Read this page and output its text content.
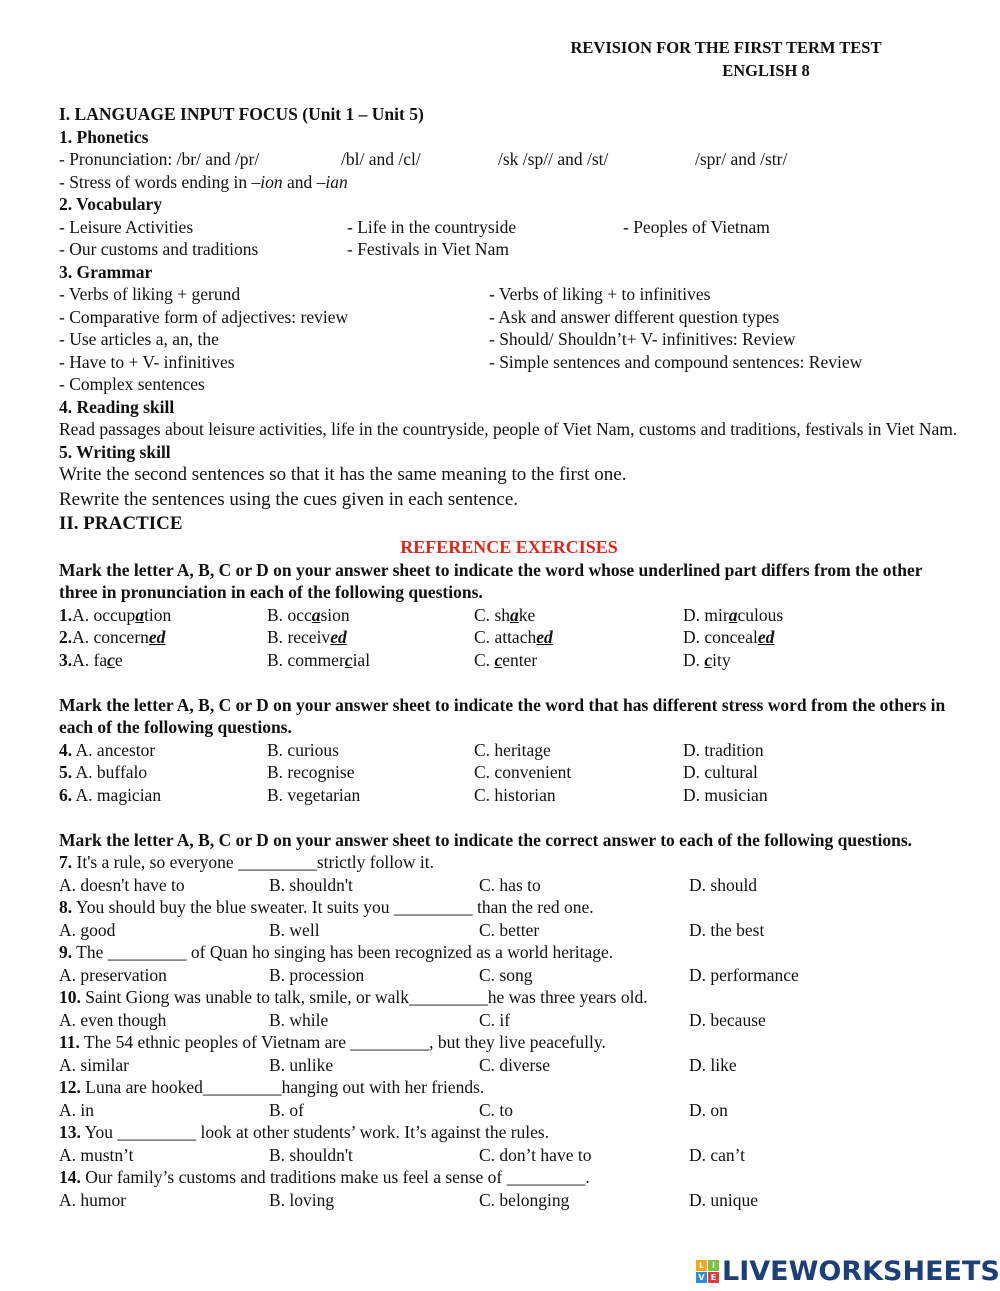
REVISION FOR THE FIRST TERM TEST
ENGLISH 8
I. LANGUAGE INPUT FOCUS (Unit 1 – Unit 5)
1. Phonetics
- Pronunciation: /br/ and /pr/	/bl/ and /cl/	/sk /sp// and /st/	/spr/ and /str/
- Stress of words ending in –ion and –ian
2. Vocabulary
- Leisure Activities	- Life in the countryside	- Peoples of Vietnam
- Our customs and traditions	- Festivals in Viet Nam
3. Grammar
- Verbs of liking + gerund	- Verbs of liking + to infinitives
- Comparative form of adjectives: review	- Ask and answer different question types
- Use articles a, an, the	- Should/ Shouldn’t+ V- infinitives: Review
- Have to + V- infinitives	- Simple sentences and compound sentences: Review
- Complex sentences
4. Reading skill
Read passages about leisure activities, life in the countryside, people of Viet Nam, customs and traditions, festivals in Viet Nam.
5. Writing skill
Write the second sentences so that it has the same meaning to the first one.
Rewrite the sentences using the cues given in each sentence.
II. PRACTICE
REFERENCE EXERCISES
Mark the letter A, B, C or D on your answer sheet to indicate the word whose underlined part differs from the other three in pronunciation in each of the following questions.
1.A. occupation	B. occasion	C. shake	D. miraculous
2.A. concerned	B. received	C. attached	D. concealed
3.A. face	B. commercial	C. center	D. city
Mark the letter A, B, C or D on your answer sheet to indicate the word that has different stress word from the others in each of the following questions.
4. A. ancestor	B. curious	C. heritage	D. tradition
5. A. buffalo	B. recognise	C. convenient	D. cultural
6. A. magician	B. vegetarian	C. historian	D. musician
Mark the letter A, B, C or D on your answer sheet to indicate the correct answer to each of the following questions.
7. It's a rule, so everyone _________strictly follow it.
A. doesn't have to	B. shouldn't	C. has to	D. should
8. You should buy the blue sweater. It suits you _________ than the red one.
A. good	B. well	C. better	D. the best
9. The _________ of Quan ho singing has been recognized as a world heritage.
A. preservation	B. procession	C. song	D. performance
10. Saint Giong was unable to talk, smile, or walk_________he was three years old.
A. even though	B. while	C. if	D. because
11. The 54 ethnic peoples of Vietnam are _________, but they live peacefully.
A. similar	B. unlike	C. diverse	D. like
12. Luna are hooked_________hanging out with her friends.
A. in	B. of	C. to	D. on
13. You _________ look at other students’ work. It’s against the rules.
A. mustn’t	B. shouldn't	C. don’t have to	D. can’t
14. Our family’s customs and traditions make us feel a sense of _________.
A. humor	B. loving	C. belonging	D. unique
L I
V E LIVEWORKSHEETS
